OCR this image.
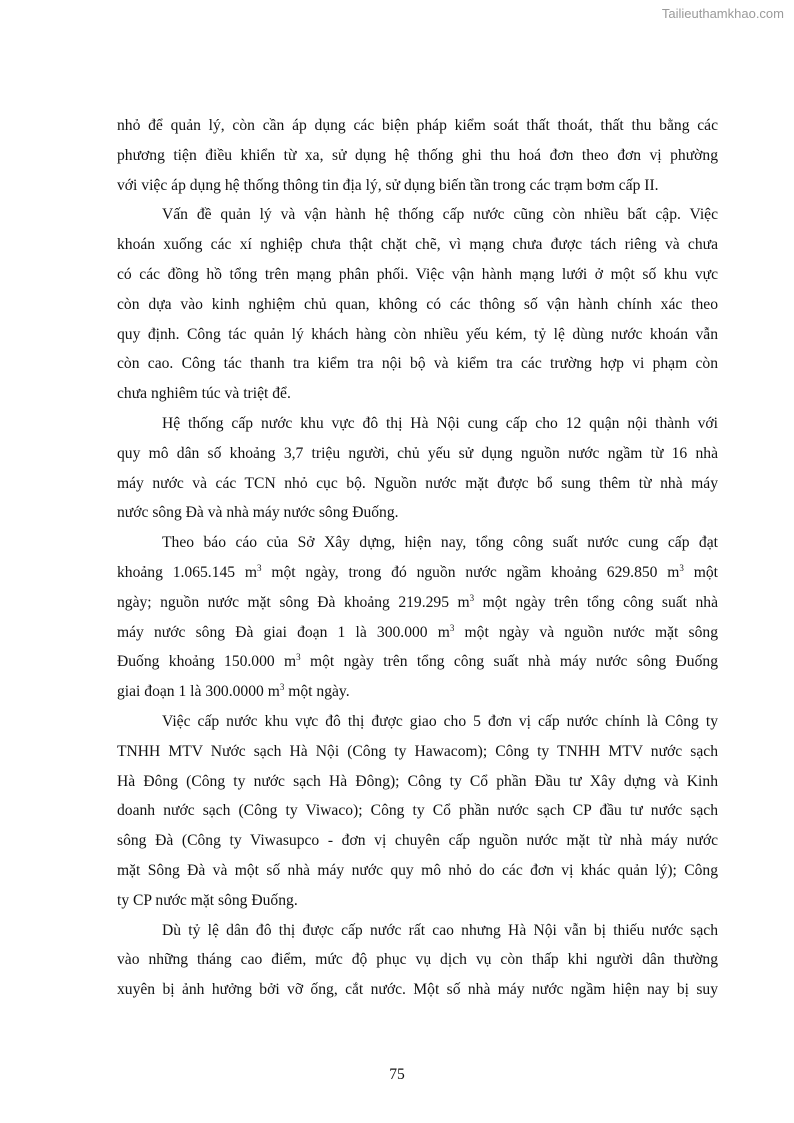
Tailieuthamkhao.com
nhỏ để quản lý, còn cần áp dụng các biện pháp kiểm soát thất thoát, thất thu bằng các
phương tiện điều khiển từ xa, sử dụng hệ thống ghi thu hoá đơn theo đơn vị phường
với việc áp dụng hệ thống thông tin địa lý, sử dụng biến tần trong các trạm bơm cấp II.
Vấn đề quản lý và vận hành hệ thống cấp nước cũng còn nhiều bất cập. Việc
khoán xuống các xí nghiệp chưa thật chặt chẽ, vì mạng chưa được tách riêng và chưa
có các đồng hồ tổng trên mạng phân phối. Việc vận hành mạng lưới ở một số khu vực
còn dựa vào kinh nghiệm chủ quan, không có các thông số vận hành chính xác theo
quy định. Công tác quản lý khách hàng còn nhiều yếu kém, tỷ lệ dùng nước khoán vẫn
còn cao. Công tác thanh tra kiểm tra nội bộ và kiểm tra các trường hợp vi phạm còn
chưa nghiêm túc và triệt để.
Hệ thống cấp nước khu vực đô thị Hà Nội cung cấp cho 12 quận nội thành với
quy mô dân số khoảng 3,7 triệu người, chủ yếu sử dụng nguồn nước ngầm từ 16 nhà
máy nước và các TCN nhỏ cục bộ. Nguồn nước mặt được bổ sung thêm từ nhà máy
nước sông Đà và nhà máy nước sông Đuống.
Theo báo cáo của Sở Xây dựng, hiện nay, tổng công suất nước cung cấp đạt
khoảng 1.065.145 $m^3$ một ngày, trong đó nguồn nước ngầm khoảng 629.850 $m^3$ một
ngày; nguồn nước mặt sông Đà khoảng 219.295 $m^3$ một ngày trên tổng công suất nhà
máy nước sông Đà giai đoạn 1 là 300.000 $m^3$ một ngày và nguồn nước mặt sông
Đuống khoảng 150.000 $m^3$ một ngày trên tổng công suất nhà máy nước sông Đuống
giai đoạn 1 là 300.0000 $m^3$ một ngày.
Việc cấp nước khu vực đô thị được giao cho 5 đơn vị cấp nước chính là Công ty
TNHH MTV Nước sạch Hà Nội (Công ty Hawacom); Công ty TNHH MTV nước sạch
Hà Đông (Công ty nước sạch Hà Đông); Công ty Cổ phần Đầu tư Xây dựng và Kinh
doanh nước sạch (Công ty Viwaco); Công ty Cổ phần nước sạch CP đầu tư nước sạch
sông Đà (Công ty Viwasupco - đơn vị chuyên cấp nguồn nước mặt từ nhà máy nước
mặt Sông Đà và một số nhà máy nước quy mô nhỏ do các đơn vị khác quản lý); Công
ty CP nước mặt sông Đuống.
Dù tỷ lệ dân đô thị được cấp nước rất cao nhưng Hà Nội vẫn bị thiếu nước sạch
vào những tháng cao điểm, mức độ phục vụ dịch vụ còn thấp khi người dân thường
xuyên bị ảnh hưởng bởi vỡ ống, cắt nước. Một số nhà máy nước ngầm hiện nay bị suy
75
